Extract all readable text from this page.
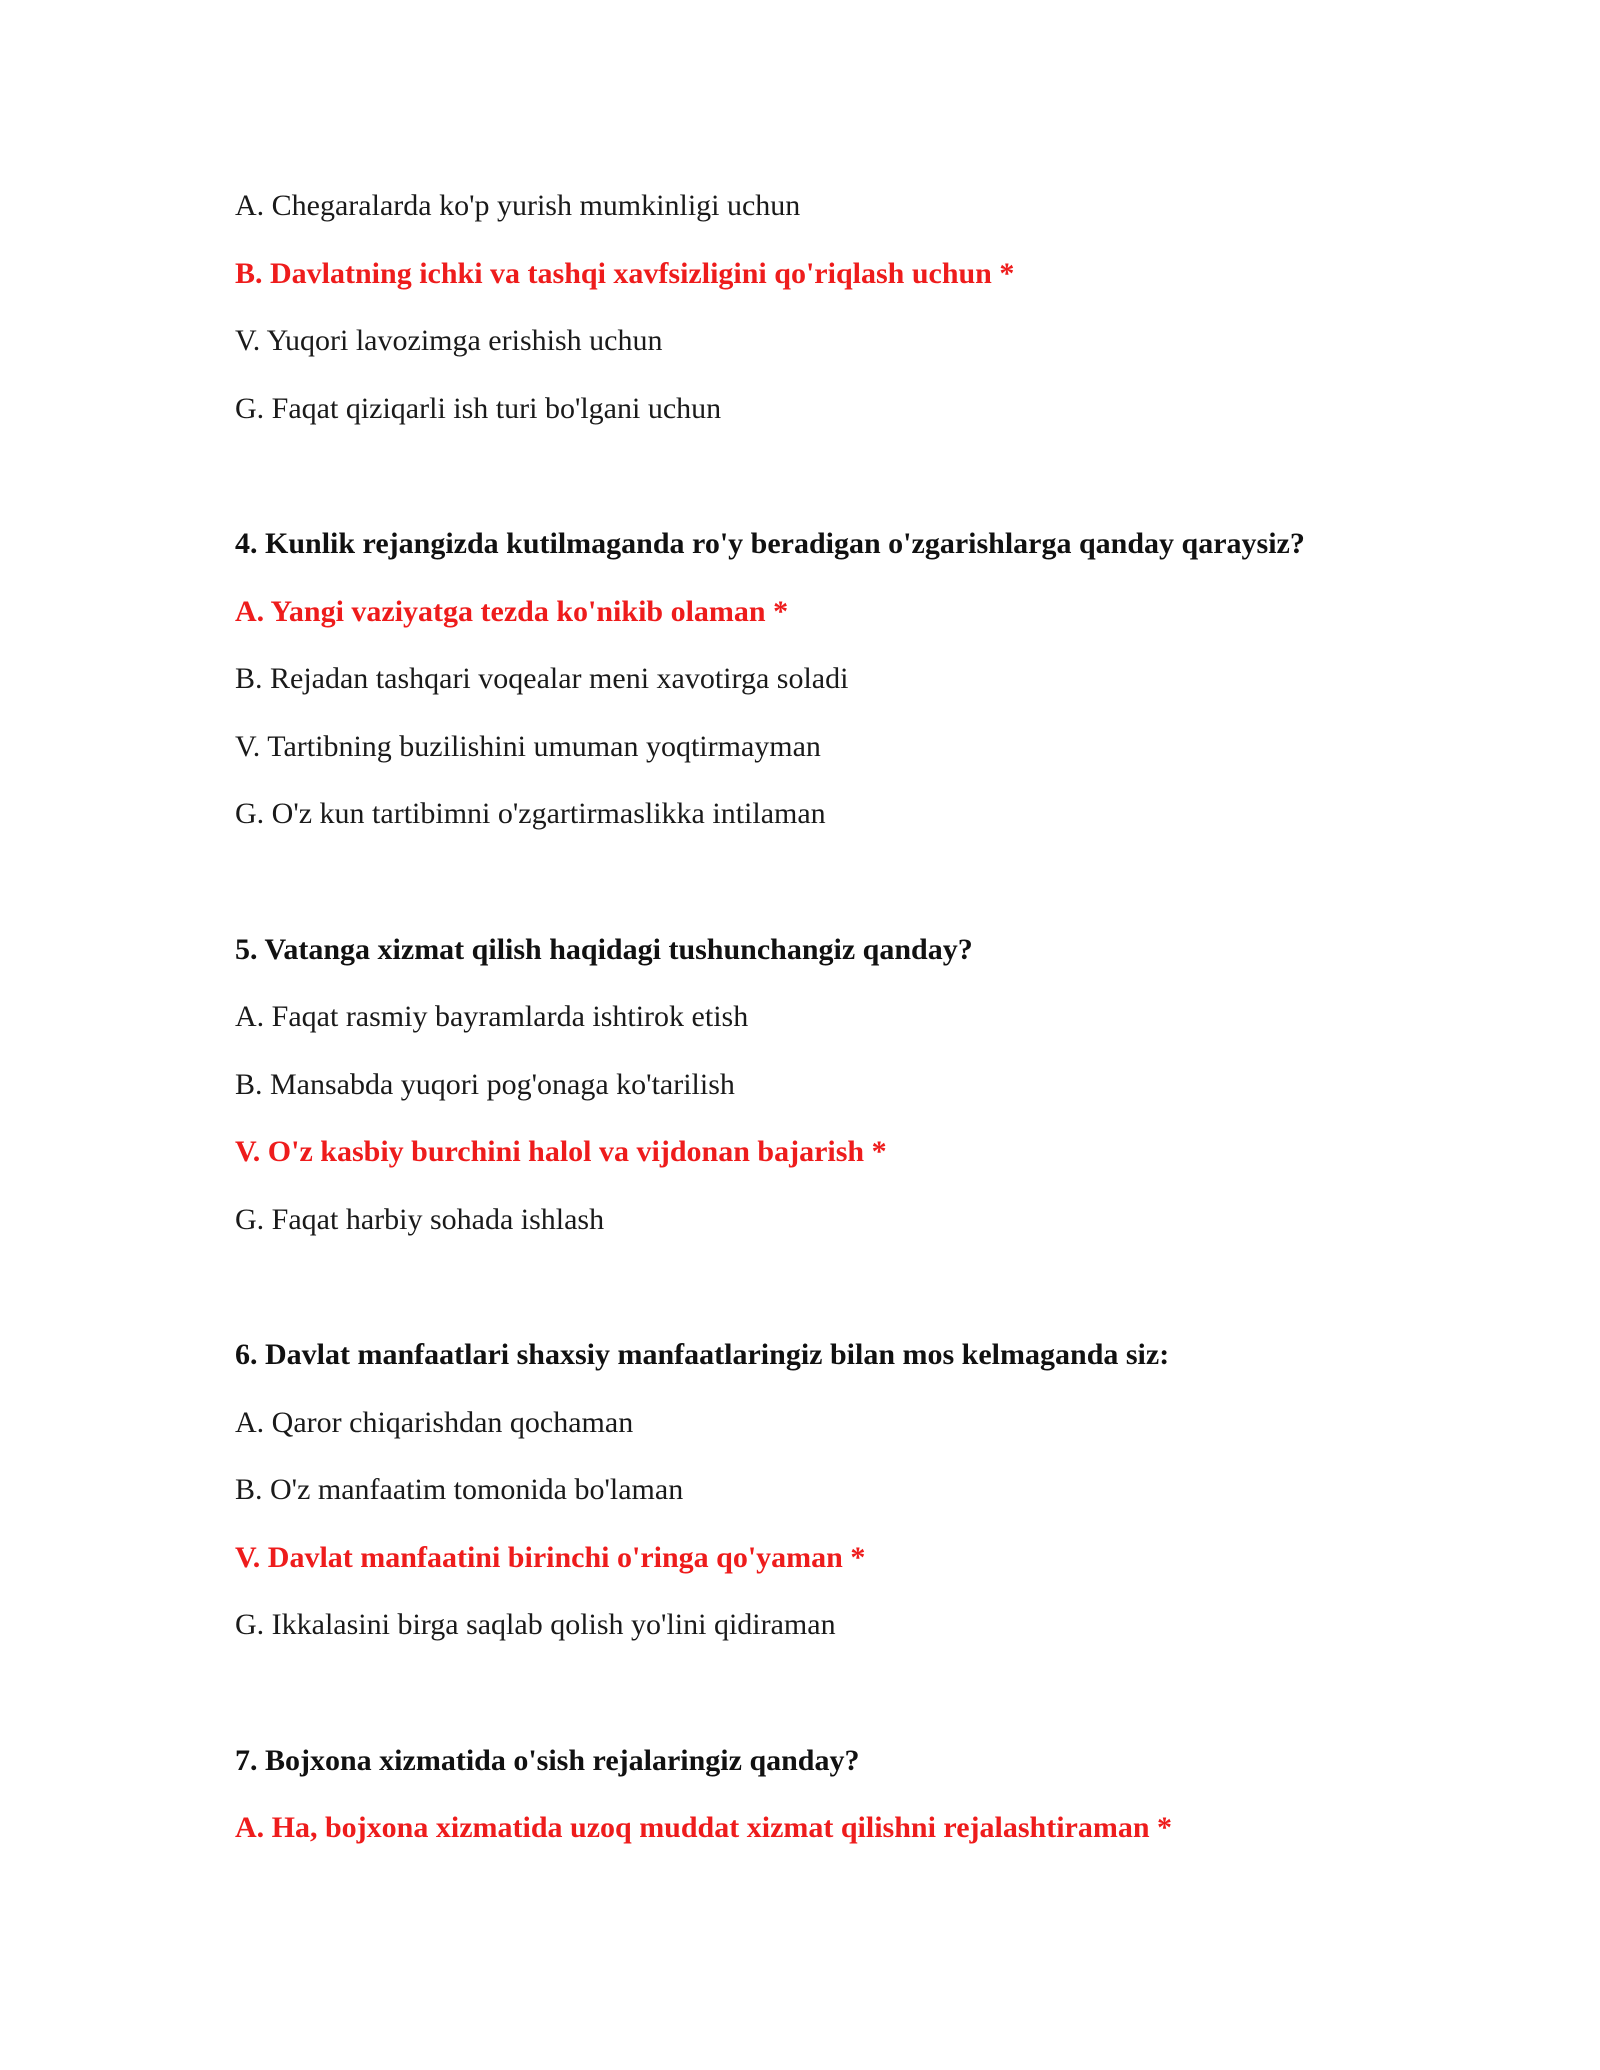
A. Chegaralarda ko'p yurish mumkinligi uchun
B. Davlatning ichki va tashqi xavfsizligini qo'riqlash uchun *
V. Yuqori lavozimga erishish uchun
G. Faqat qiziqarli ish turi bo'lgani uchun
4. Kunlik rejangizda kutilmaganda ro'y beradigan o'zgarishlarga qanday qaraysiz?
A. Yangi vaziyatga tezda ko'nikib olaman *
B. Rejadan tashqari voqealar meni xavotirga soladi
V. Tartibning buzilishini umuman yoqtirmayman
G. O'z kun tartibimni o'zgartirmaslikka intilaman
5. Vatanga xizmat qilish haqidagi tushunchangiz qanday?
A. Faqat rasmiy bayramlarda ishtirok etish
B. Mansabda yuqori pog'onaga ko'tarilish
V. O'z kasbiy burchini halol va vijdonan bajarish *
G. Faqat harbiy sohada ishlash
6. Davlat manfaatlari shaxsiy manfaatlaringiz bilan mos kelmaganda siz:
A. Qaror chiqarishdan qochaman
B. O'z manfaatim tomonida bo'laman
V. Davlat manfaatini birinchi o'ringa qo'yaman *
G. Ikkalasini birga saqlab qolish yo'lini qidiraman
7. Bojxona xizmatida o'sish rejalaringiz qanday?
A. Ha, bojxona xizmatida uzoq muddat xizmat qilishni rejalashtiraman *
